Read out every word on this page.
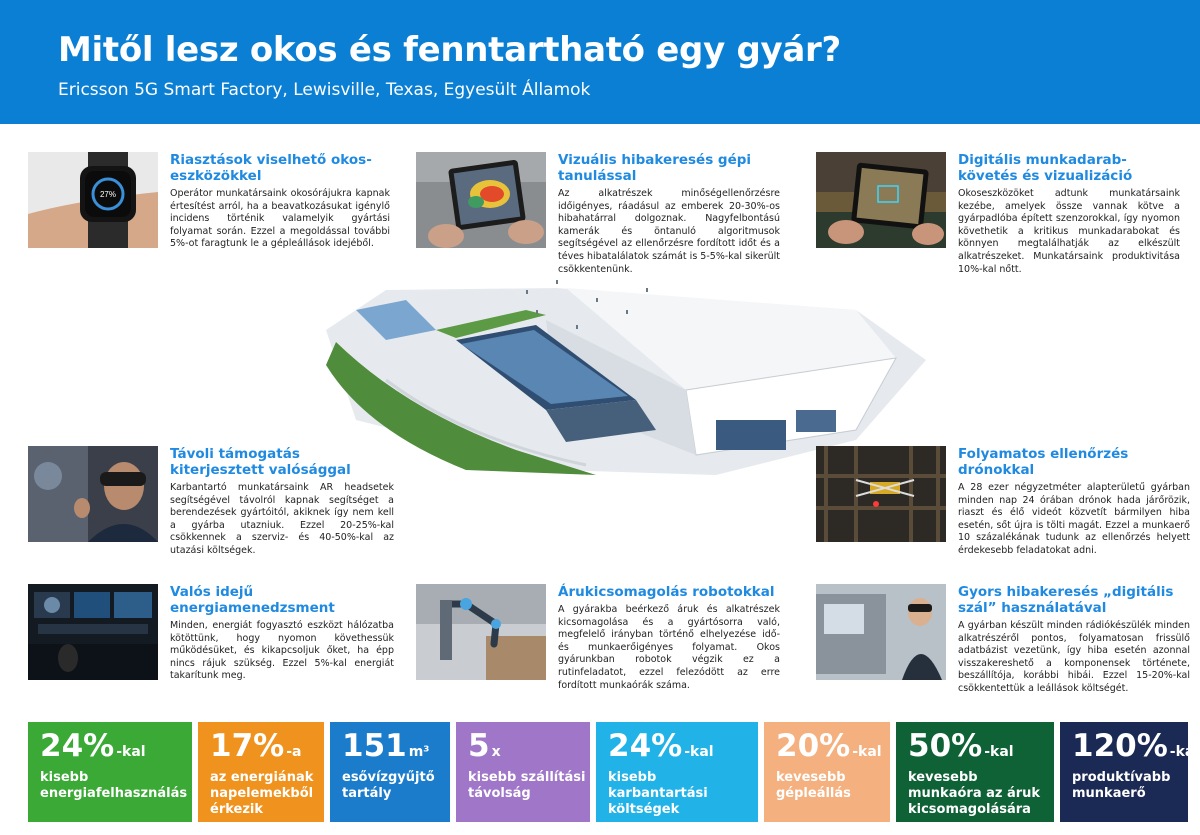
Mitől lesz okos és fenntartható egy gyár?
Ericsson 5G Smart Factory, Lewisville, Texas, Egyesült Államok
27%
Riasztások viselhető okos-eszközökkel

Operátor munkatársaink okosórájukra kapnak értesítést arról, ha a beavatkozásukat igénylő incidens történik valamelyik gyártási folyamat során. Ezzel a megoldással további 5%-ot faragtunk le a gépleállások idejéből.

Vizuális hibakeresés gépi tanulással

Az alkatrészek minőségellenőrzésre időigényes, ráadásul az emberek 20-30%-os hibahatárral dolgoznak. Nagyfelbontású kamerák és öntanuló algoritmusok segítségével az ellenőrzésre fordított időt és a téves hibatalálatok számát is 5-5%-kal sikerült csökkentenünk.

Digitális munkadarab-követés és vizualizáció

Okoseszközöket adtunk munkatársaink kezébe, amelyek össze vannak kötve a gyárpadlóba épített szenzorokkal, így nyomon követhetik a kritikus munkadarabokat és könnyen megtalálhatják az elkészült alkatrészeket. Munkatársaink produktivitása 10%-kal nőtt.

Távoli támogatás kiterjesztett valósággal

Karbantartó munkatársaink AR headsetek segítségével távolról kapnak segítséget a berendezések gyártóitól, akiknek így nem kell a gyárba utazniuk. Ezzel 20-25%-kal csökkennek a szerviz- és 40-50%-kal az utazási költségek.

Folyamatos ellenőrzés drónokkal

A 28 ezer négyzetméter alapterületű gyárban minden nap 24 órában drónok hada járőrözik, riaszt és élő videót közvetít bármilyen hiba esetén, sőt újra is tölti magát. Ezzel a munkaerő 10 százalékának tudunk az ellenőrzés helyett érdekesebb feladatokat adni.

Valós idejű energiamenedzsment

Minden, energiát fogyasztó eszközt hálózatba kötöttünk, hogy nyomon követhessük működésüket, és kikapcsoljuk őket, ha épp nincs rájuk szükség. Ezzel 5%-kal energiát takarítunk meg.

Árukicsomagolás robotokkal

A gyárakba beérkező áruk és alkatrészek kicsomagolása és a gyártósorra való, megfelelő irányban történő elhelyezése idő- és munkaerőigényes folyamat. Okos gyárunkban robotok végzik ez a rutinfeladatot, ezzel felezódött az erre fordított munkaórák száma.

Gyors hibakeresés „digitális szál” használatával

A gyárban készült minden rádiókészülék minden alkatrészéről pontos, folyamatosan frissülő adatbázist vezetünk, így hiba esetén azonnal visszakereshető a komponensek története, beszállítója, korábbi hibái. Ezzel 15-20%-kal csökkentettük a leállások költségét.

24% -kal
kisebb energiafelhasználás
17% -a
az energiának napelemekből érkezik
151 m³
esővízgyűjtő tartály
5 x
kisebb szállítási távolság
24% -kal
kisebb karbantartási költségek
20% -kal
kevesebb gépleállás
50% -kal
kevesebb munkaóra az áruk kicsomagolására
120% -kal
produktívabb munkaerő
